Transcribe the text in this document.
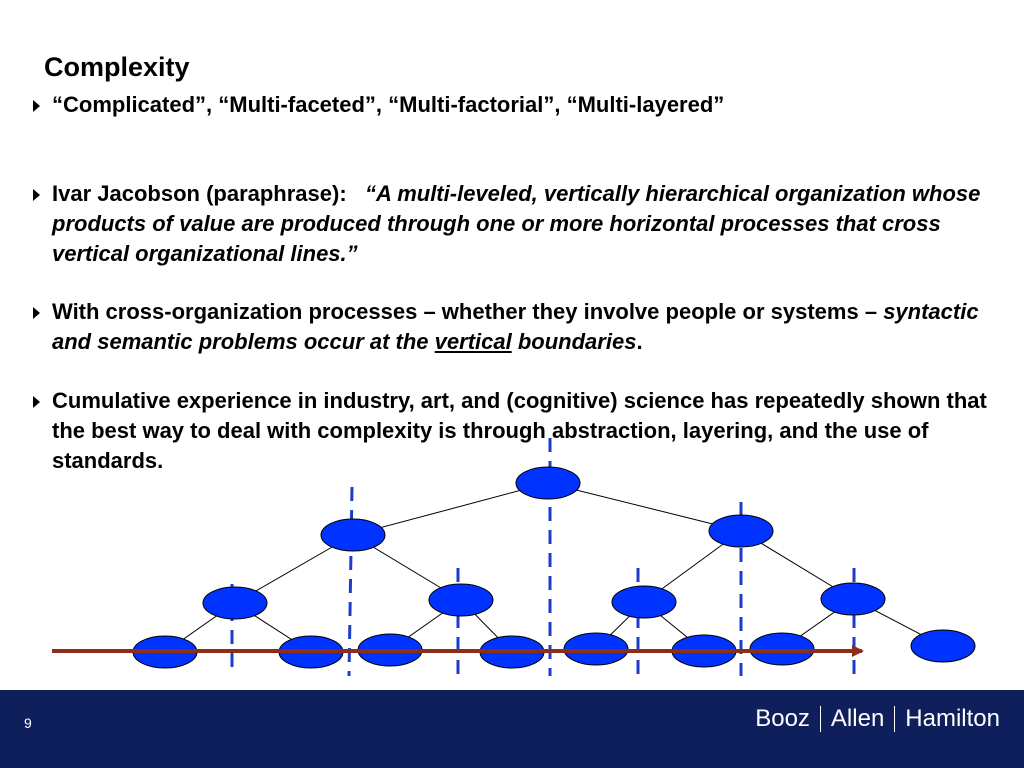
Complexity
“Complicated”, “Multi-faceted”, “Multi-factorial”, “Multi-layered”
Ivar Jacobson (paraphrase): “A multi-leveled, vertically hierarchical organization whose products of value are produced through one or more horizontal processes that cross vertical organizational lines.”
With cross-organization processes – whether they involve people or systems – syntactic and semantic problems occur at the vertical boundaries.
Cumulative experience in industry, art, and (cognitive) science has repeatedly shown that the best way to deal with complexity is through abstraction, layering, and the use of standards.
9	Booz Allen Hamilton
